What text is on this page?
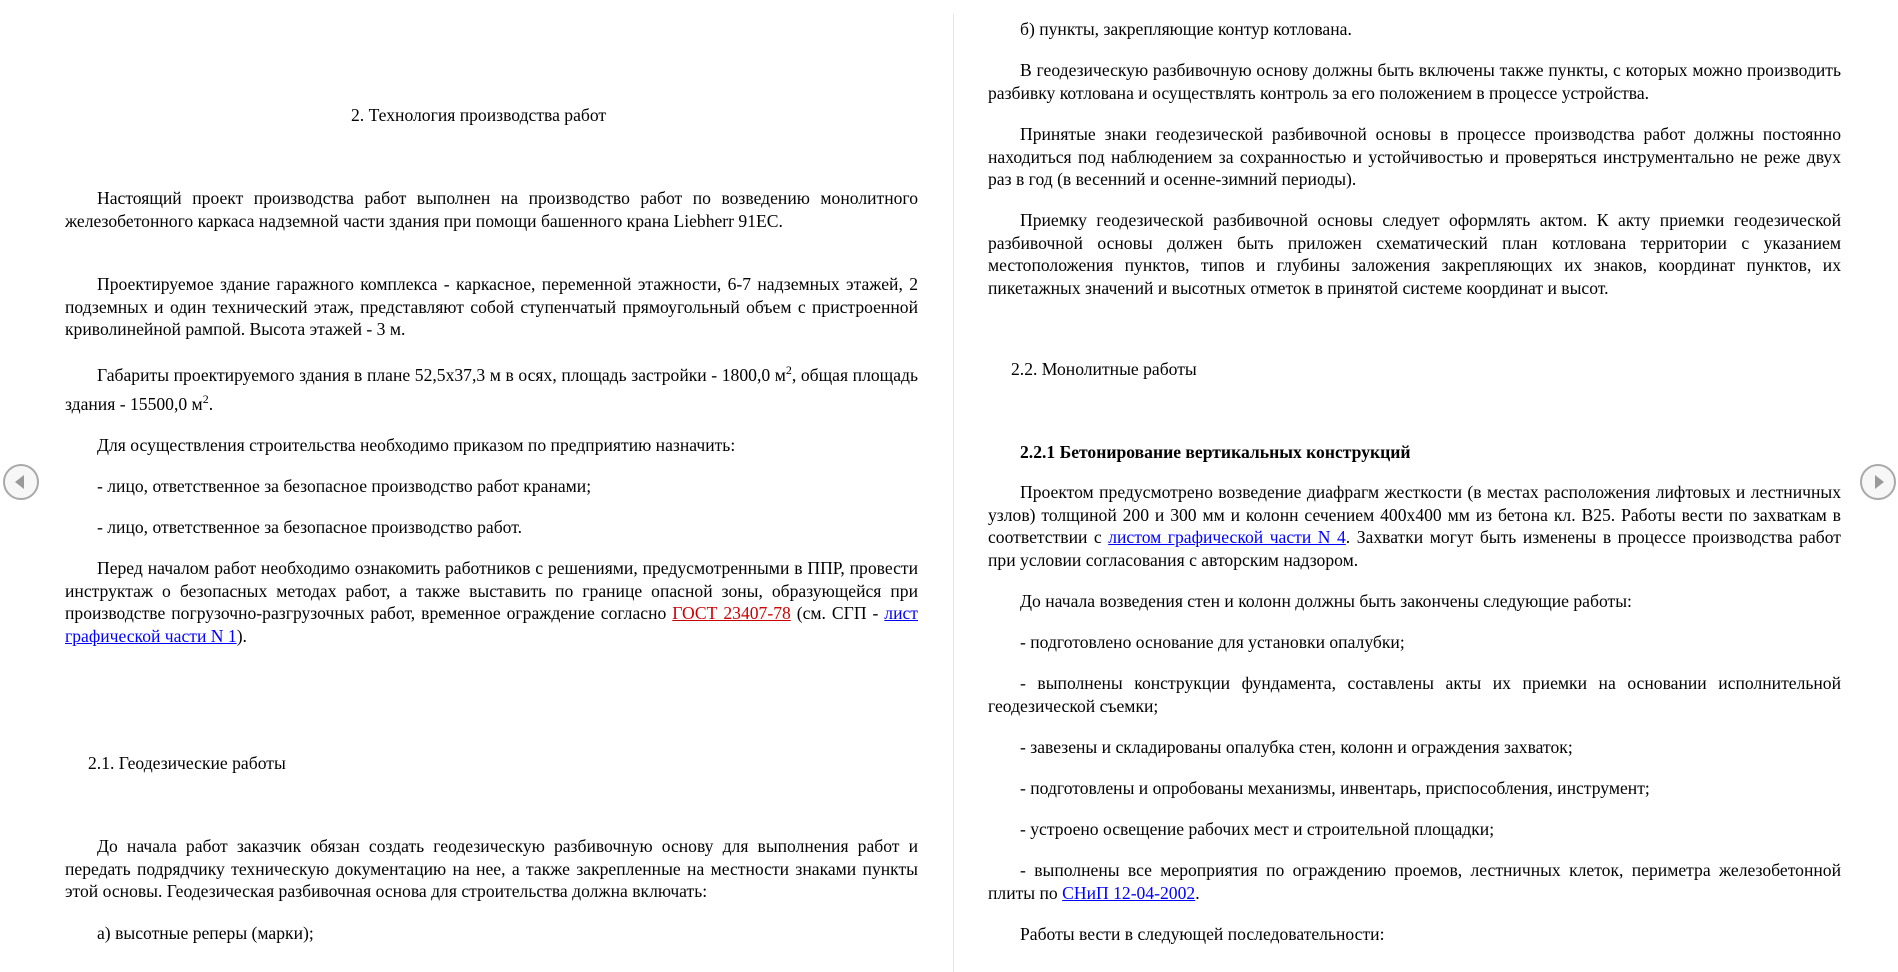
2. Технология производства работ

Настоящий проект производства работ выполнен на производство работ по возведению монолитного железобетонного каркаса надземной части здания при помощи башенного крана Liebherr 91EC.

Проектируемое здание гаражного комплекса - каркасное, переменной этажности, 6-7 надземных этажей, 2 подземных и один технический этаж, представляют собой ступенчатый прямоугольный объем с пристроенной криволинейной рампой. Высота этажей - 3 м.

Габариты проектируемого здания в плане 52,5х37,3 м в осях, площадь застройки - 1800,0 $м^2$, общая площадь здания - 15500,0 $м^2$.

Для осуществления строительства необходимо приказом по предприятию назначить:

- лицо, ответственное за безопасное производство работ кранами;

- лицо, ответственное за безопасное производство работ.

Перед началом работ необходимо ознакомить работников с решениями, предусмотренными в ППР, провести инструктаж о безопасных методах работ, а также выставить по границе опасной зоны, образующейся при производстве погрузочно-разгрузочных работ, временное ограждение согласно ГОСТ 23407-78 (см. СГП - лист графической части N 1).

2.1. Геодезические работы

До начала работ заказчик обязан создать геодезическую разбивочную основу для выполнения работ и передать подрядчику техническую документацию на нее, а также закрепленные на местности знаками пункты этой основы. Геодезическая разбивочная основа для строительства должна включать:

а) высотные реперы (марки);

б) пункты, закрепляющие контур котлована.

В геодезическую разбивочную основу должны быть включены также пункты, с которых можно производить разбивку котлована и осуществлять контроль за его положением в процессе устройства.

Принятые знаки геодезической разбивочной основы в процессе производства работ должны постоянно находиться под наблюдением за сохранностью и устойчивостью и проверяться инструментально не реже двух раз в год (в весенний и осенне-зимний периоды).

Приемку геодезической разбивочной основы следует оформлять актом. К акту приемки геодезической разбивочной основы должен быть приложен схематический план котлована территории с указанием местоположения пунктов, типов и глубины заложения закрепляющих их знаков, координат пунктов, их пикетажных значений и высотных отметок в принятой системе координат и высот.

2.2. Монолитные работы

2.2.1 Бетонирование вертикальных конструкций

Проектом предусмотрено возведение диафрагм жесткости (в местах расположения лифтовых и лестничных узлов) толщиной 200 и 300 мм и колонн сечением 400х400 мм из бетона кл. В25. Работы вести по захваткам в соответствии с листом графической части N 4. Захватки могут быть изменены в процессе производства работ при условии согласования с авторским надзором.

До начала возведения стен и колонн должны быть закончены следующие работы:

- подготовлено основание для установки опалубки;

- выполнены конструкции фундамента, составлены акты их приемки на основании исполнительной геодезической съемки;

- завезены и складированы опалубка стен, колонн и ограждения захваток;

- подготовлены и опробованы механизмы, инвентарь, приспособления, инструмент;

- устроено освещение рабочих мест и строительной площадки;

- выполнены все мероприятия по ограждению проемов, лестничных клеток, периметра железобетонной плиты по СНиП 12-04-2002.

Работы вести в следующей последовательности:
